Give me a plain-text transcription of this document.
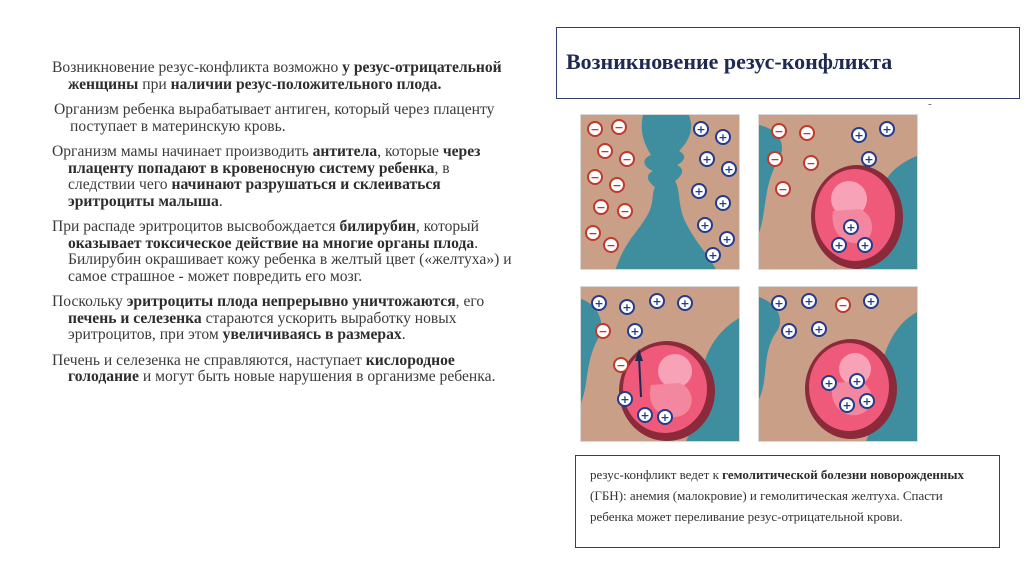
Возникновение резус-конфликта
-

Возникновение резус-конфликта возможно у резус-отрицательной женщины при наличии резус-положительного плода.

Организм ребенка вырабатывает антиген, который через плаценту поступает в материнскую кровь.

Организм мамы начинает производить антитела, которые через плаценту попадают в кровеносную систему ребенка, в следствии чего начинают разрушаться и склеиваться эритроциты малыша.

При распаде эритроцитов высвобождается билирубин, который оказывает токсическое действие на многие органы плода. Билирубин окрашивает кожу ребенка в желтый цвет («желтуха») и самое страшное - может повредить его мозг.

Поскольку эритроциты плода непрерывно уничтожаются, его печень и селезенка стараются ускорить выработку новых эритроцитов, при этом увеличиваясь в размерах.

Печень и селезенка не справляются, наступает кислородное голодание и могут быть новые нарушения в организме ребенка.

− −
−
−
−
−
− −
−
−
+
+
+
+
+
+
+
+
+
− −
− −
−
+ +
+
+ +
+
+ + + +
− +
−
+
+ +
+ + − +
+ +
+
+ +
+
резус-конфликт ведет к гемолитической болезни новорожденных (ГБН): анемия (малокровие) и гемолитическая желтуха. Спасти ребенка может переливание резус-отрицательной крови.
